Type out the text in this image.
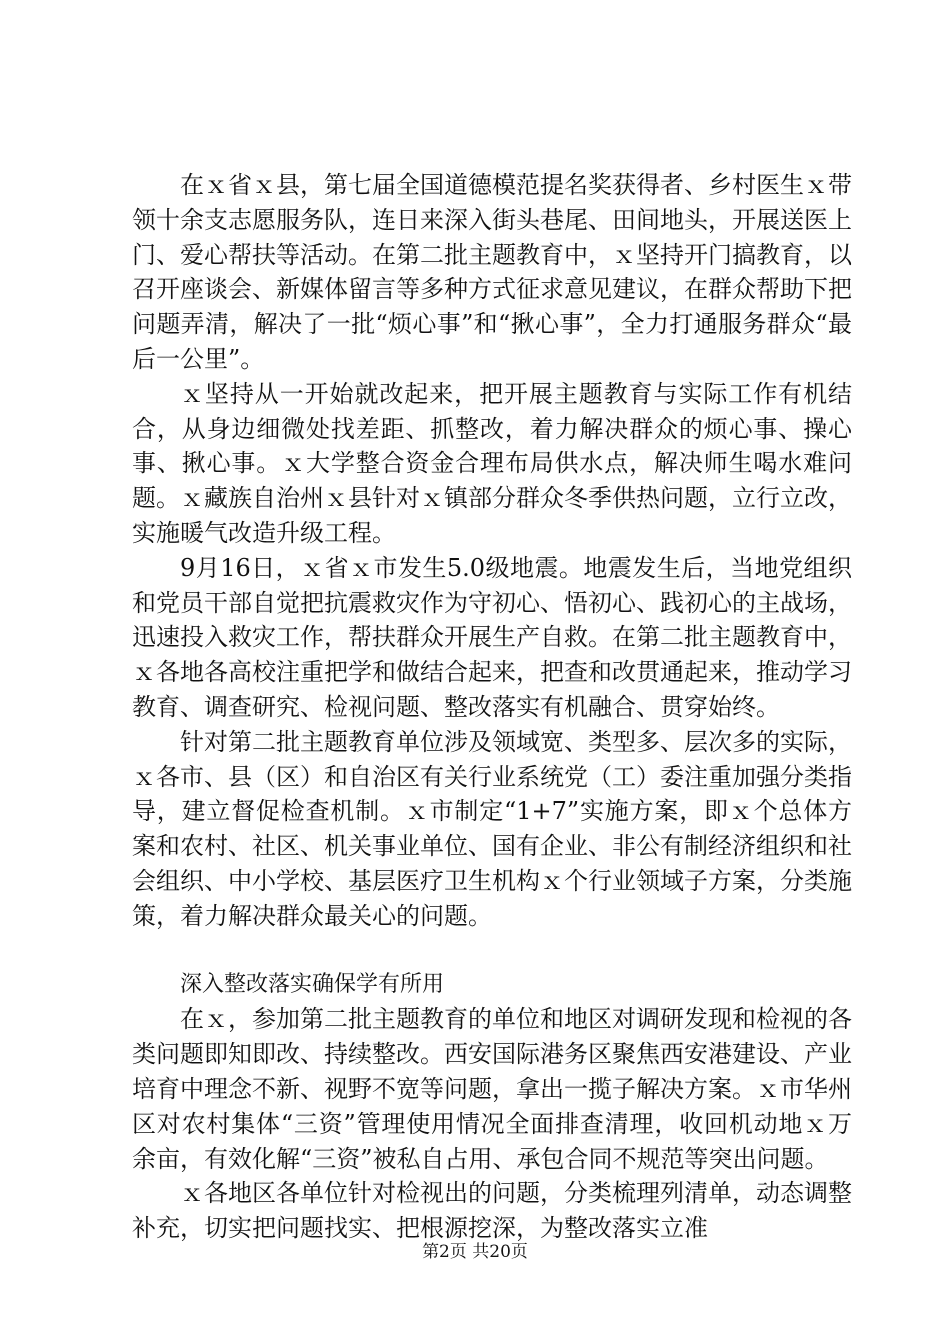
在ｘ省ｘ县，第七届全国道德模范提名奖获得者、乡村医生ｘ带领十余支志愿服务队，连日来深入街头巷尾、田间地头，开展送医上门、爱心帮扶等活动。在第二批主题教育中，ｘ坚持开门搞教育，以召开座谈会、新媒体留言等多种方式征求意见建议，在群众帮助下把问题弄清，解决了一批“烦心事”和“揪心事”，全力打通服务群众“最后一公里”。

ｘ坚持从一开始就改起来，把开展主题教育与实际工作有机结合，从身边细微处找差距、抓整改，着力解决群众的烦心事、操心事、揪心事。ｘ大学整合资金合理布局供水点，解决师生喝水难问题。ｘ藏族自治州ｘ县针对ｘ镇部分群众冬季供热问题，立行立改，实施暖气改造升级工程。

9月16日，ｘ省ｘ市发生5.0级地震。地震发生后，当地党组织和党员干部自觉把抗震救灾作为守初心、悟初心、践初心的主战场，迅速投入救灾工作，帮扶群众开展生产自救。在第二批主题教育中，ｘ各地各高校注重把学和做结合起来，把查和改贯通起来，推动学习教育、调查研究、检视问题、整改落实有机融合、贯穿始终。

针对第二批主题教育单位涉及领域宽、类型多、层次多的实际，ｘ各市、县（区）和自治区有关行业系统党（工）委注重加强分类指导，建立督促检查机制。ｘ市制定“1+7”实施方案，即ｘ个总体方案和农村、社区、机关事业单位、国有企业、非公有制经济组织和社会组织、中小学校、基层医疗卫生机构ｘ个行业领域子方案，分类施策，着力解决群众最关心的问题。

深入整改落实确保学有所用

在ｘ，参加第二批主题教育的单位和地区对调研发现和检视的各类问题即知即改、持续整改。西安国际港务区聚焦西安港建设、产业培育中理念不新、视野不宽等问题，拿出一揽子解决方案。ｘ市华州区对农村集体“三资”管理使用情况全面排查清理，收回机动地ｘ万余亩，有效化解“三资”被私自占用、承包合同不规范等突出问题。

ｘ各地区各单位针对检视出的问题，分类梳理列清单，动态调整补充，切实把问题找实、把根源挖深，为整改落实立准

第2页 共20页
